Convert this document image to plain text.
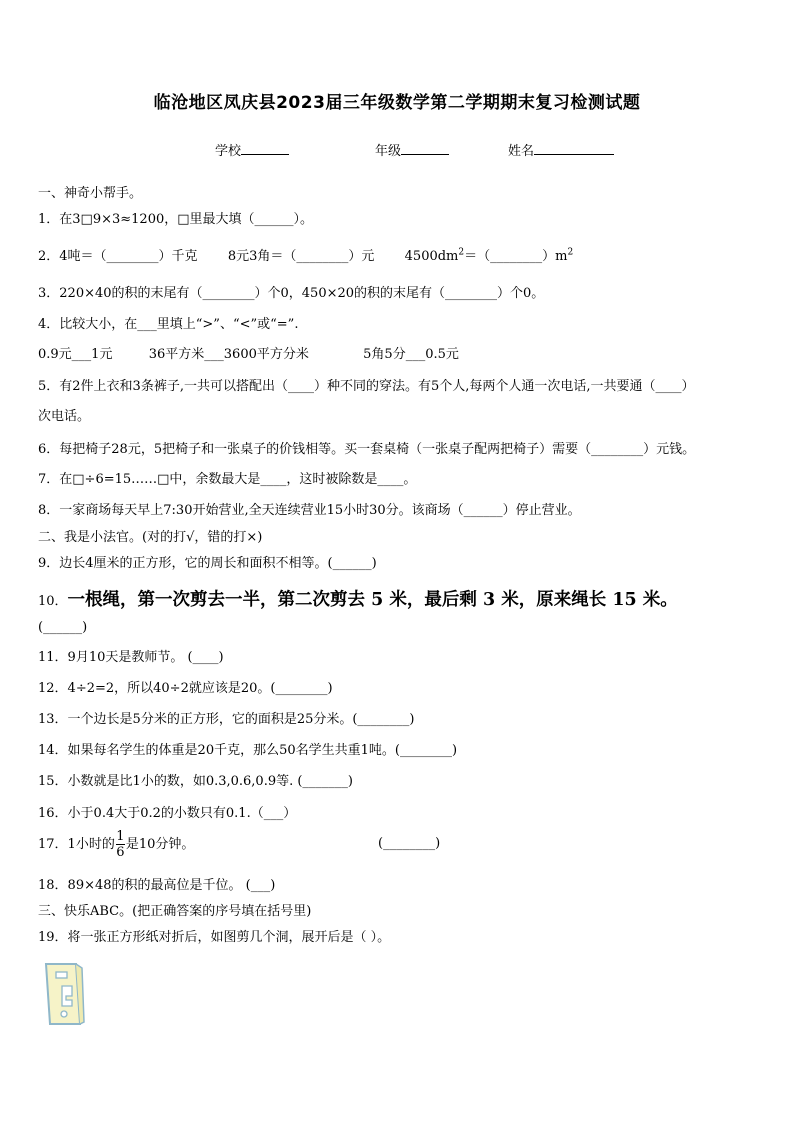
临沧地区凤庆县2023届三年级数学第二学期期末复习检测试题
学校	年级	姓名
一、神奇小帮手。
1．在3□9×3≈1200，□里最大填（______）。
2．4吨＝（________）千克 8元3角＝（________）元 $4500dm^2=(\_\_\_\_\_\_\_\_)m^2$
3．220×40的积的末尾有（________）个0，450×20的积的末尾有（________）个0。
4．比较大小，在___里填上“>”、“<”或“=”.
0.9元___1元	36平方米___3600平方分米	5角5分___0.5元
5．有2件上衣和3条裤子,一共可以搭配出（____）种不同的穿法。有5个人,每两个人通一次电话,一共要通（____）
次电话。
6．每把椅子28元，5把椅子和一张桌子的价钱相等。买一套桌椅（一张桌子配两把椅子）需要（________）元钱。
7．在□÷6=15……□中，余数最大是____，这时被除数是____。
8．一家商场每天早上7:30开始营业,全天连续营业15小时30分。该商场（______）停止营业。
二、我是小法官。(对的打√，错的打×)
9．边长4厘米的正方形，它的周长和面积不相等。(______)
10．一根绳，第一次剪去一半，第二次剪去 5 米，最后剩 3 米，原来绳长 15 米。
(______)
11．9月10天是教师节。 (____)
12．4÷2=2，所以40÷2就应该是20。(________)
13．一个边长是5分米的正方形，它的面积是25分米。(________)
14．如果每名学生的体重是20千克，那么50名学生共重1吨。(________)
15．小数就是比1小的数，如0.3,0.6,0.9等. (_______)
16．小于0.4大于0.2的小数只有0.1.（___）
17．1小时的 $\frac{1}{6}$ 是10分钟。	(________)
18．89×48的积的最高位是千位。 (___)
三、快乐ABC。(把正确答案的序号填在括号里)
19．将一张正方形纸对折后，如图剪几个洞，展开后是（ ）。
